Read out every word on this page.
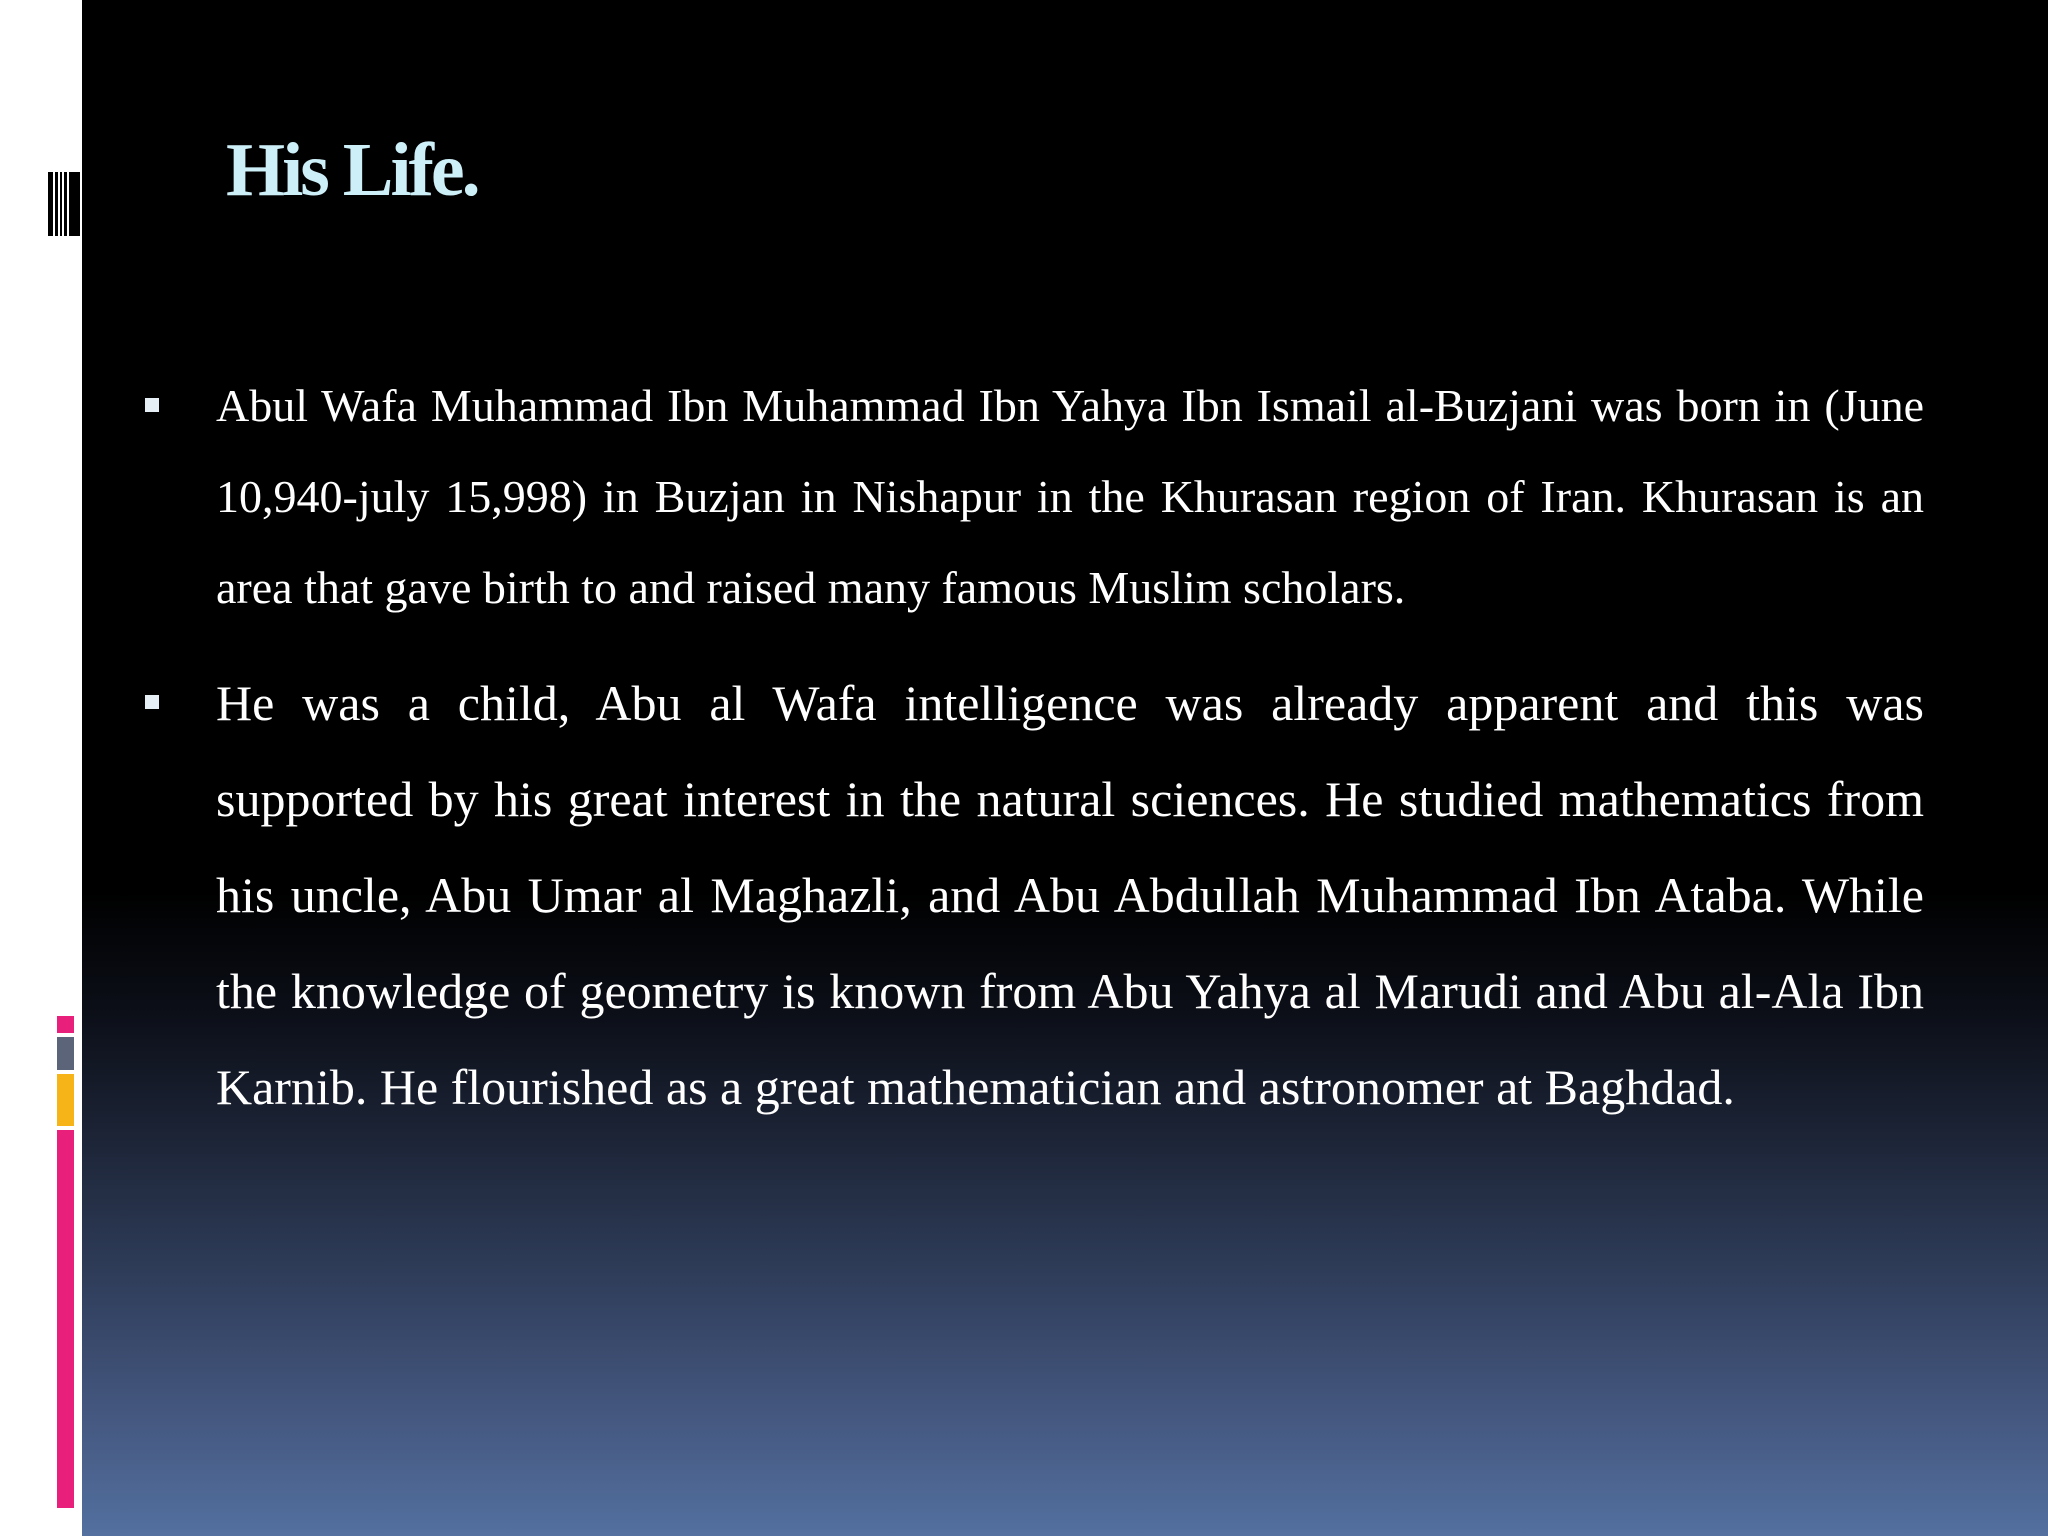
His Life.
Abul Wafa Muhammad Ibn Muhammad Ibn Yahya Ibn Ismail al-Buzjani was born in (June 10,940-july 15,998) in Buzjan in Nishapur in the Khurasan region of Iran. Khurasan is an area that gave birth to and raised many famous Muslim scholars.
He was a child, Abu al Wafa intelligence was already apparent and this was supported by his great interest in the natural sciences. He studied mathematics from his uncle, Abu Umar al Maghazli, and Abu Abdullah Muhammad Ibn Ataba. While the knowledge of geometry is known from Abu Yahya al Marudi and Abu al-Ala Ibn Karnib. He flourished as a great mathematician and astronomer at Baghdad.
